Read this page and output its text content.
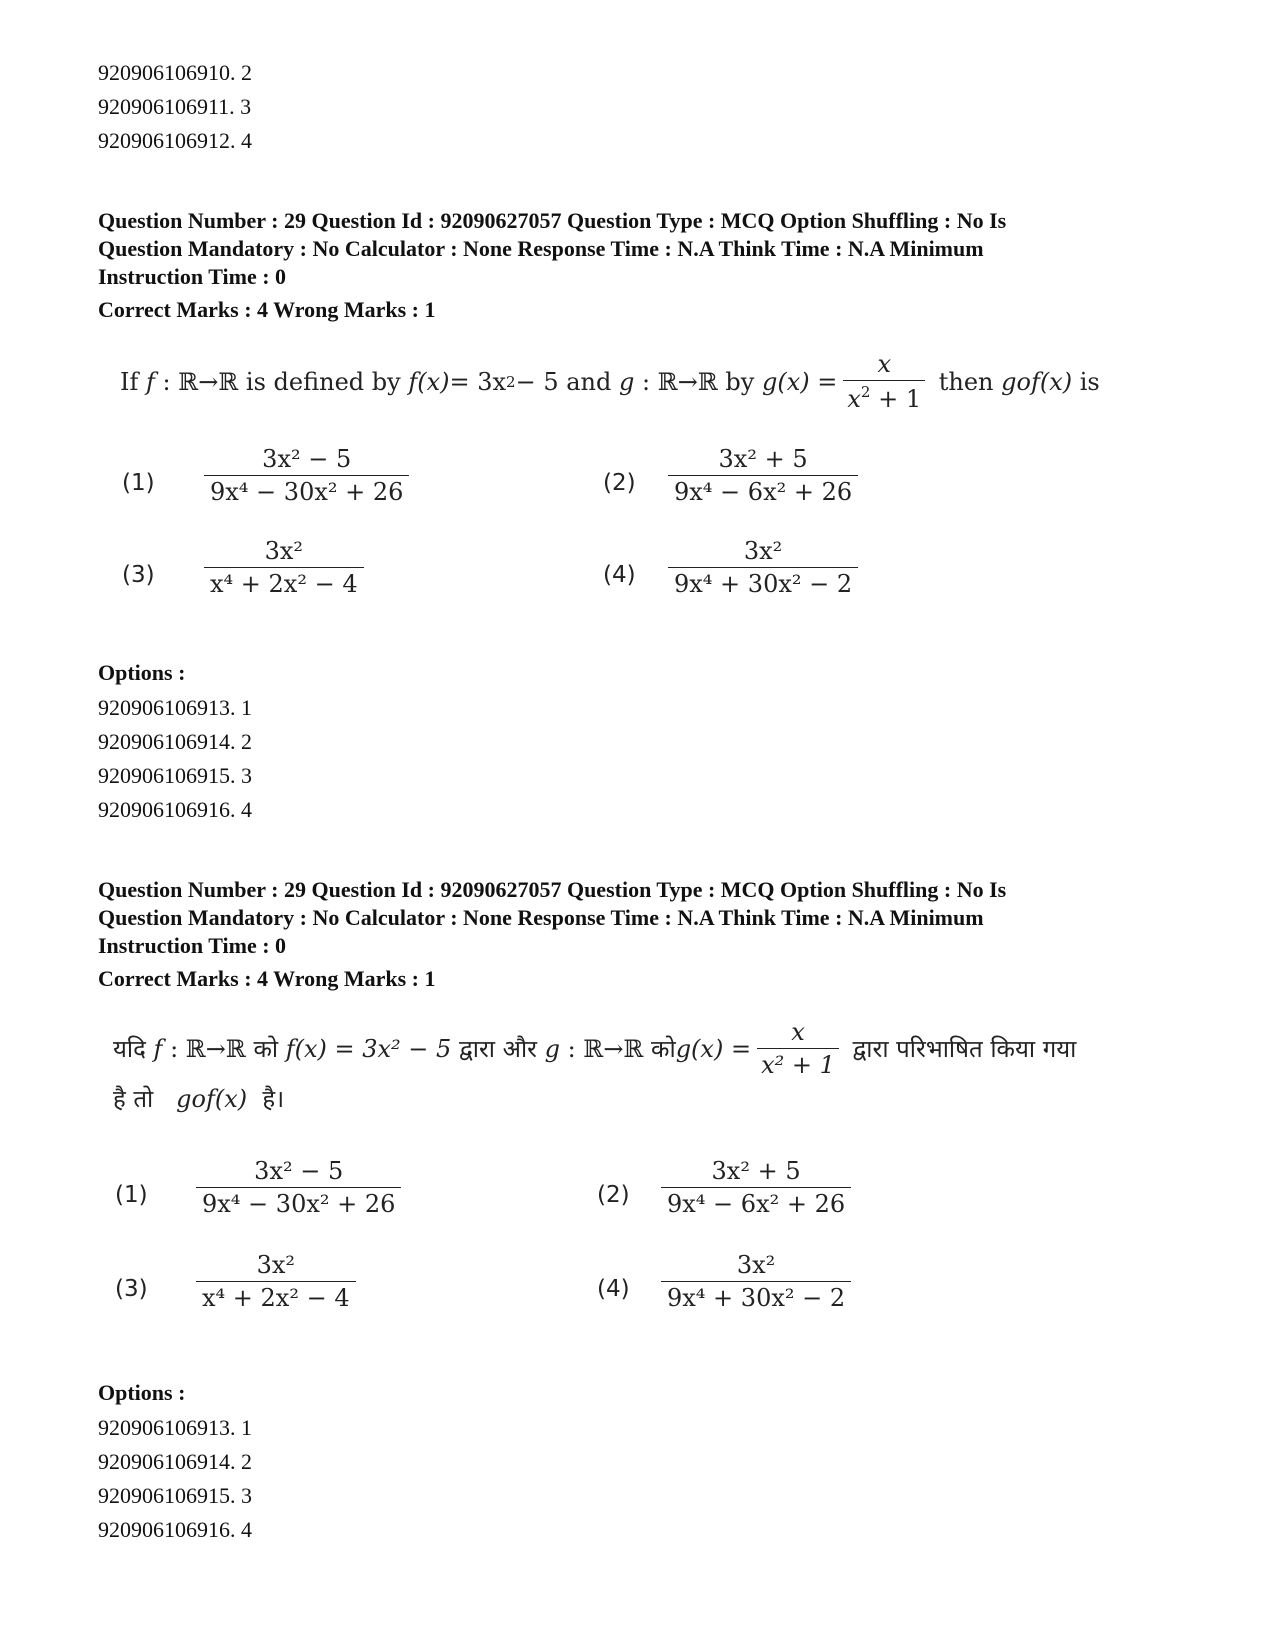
920906106910. 2
920906106911. 3
920906106912. 4
Question Number : 29 Question Id : 92090627057 Question Type : MCQ Option Shuffling : No Is
Question Mandatory : No Calculator : None Response Time : N.A Think Time : N.A Minimum
Instruction Time : 0
Correct Marks : 4 Wrong Marks : 1
If
f
:
ℝ→ℝ
is defined by
f(x) = 3x 2 − 5
and
g
:
ℝ→ℝ
by
$g(x) = \frac{x}{x^2 + 1}$
then
gof(x)
is
$(1) \frac{\text{3x² − 5}}{\text{9x⁴ − 30x² + 26}}$	$(2) \frac{\text{3x² + 5}}{\text{9x⁴ − 6x² + 26}}$
$(3) \frac{\text{3x²}}{\text{x⁴ + 2x² − 4}}$	$(4) \frac{\text{3x²}}{\text{9x⁴ + 30x² − 2}}$
Options :
920906106913. 1
920906106914. 2
920906106915. 3
920906106916. 4
Question Number : 29 Question Id : 92090627057 Question Type : MCQ Option Shuffling : No Is
Question Mandatory : No Calculator : None Response Time : N.A Think Time : N.A Minimum
Instruction Time : 0
Correct Marks : 4 Wrong Marks : 1
यदि
f
:
ℝ→ℝ
को
f(x) = 3x² − 5
द्वारा और
g
:
ℝ→ℝ
को $g(x) = \frac{x}{\text{x² + 1}}$
द्वारा परिभाषित किया गया
है तो gof(x) है।
$(1) \frac{\text{3x² − 5}}{\text{9x⁴ − 30x² + 26}}$	$(2) \frac{\text{3x² + 5}}{\text{9x⁴ − 6x² + 26}}$
$(3) \frac{\text{3x²}}{\text{x⁴ + 2x² − 4}}$	$(4) \frac{\text{3x²}}{\text{9x⁴ + 30x² − 2}}$
Options :
920906106913. 1
920906106914. 2
920906106915. 3
920906106916. 4
